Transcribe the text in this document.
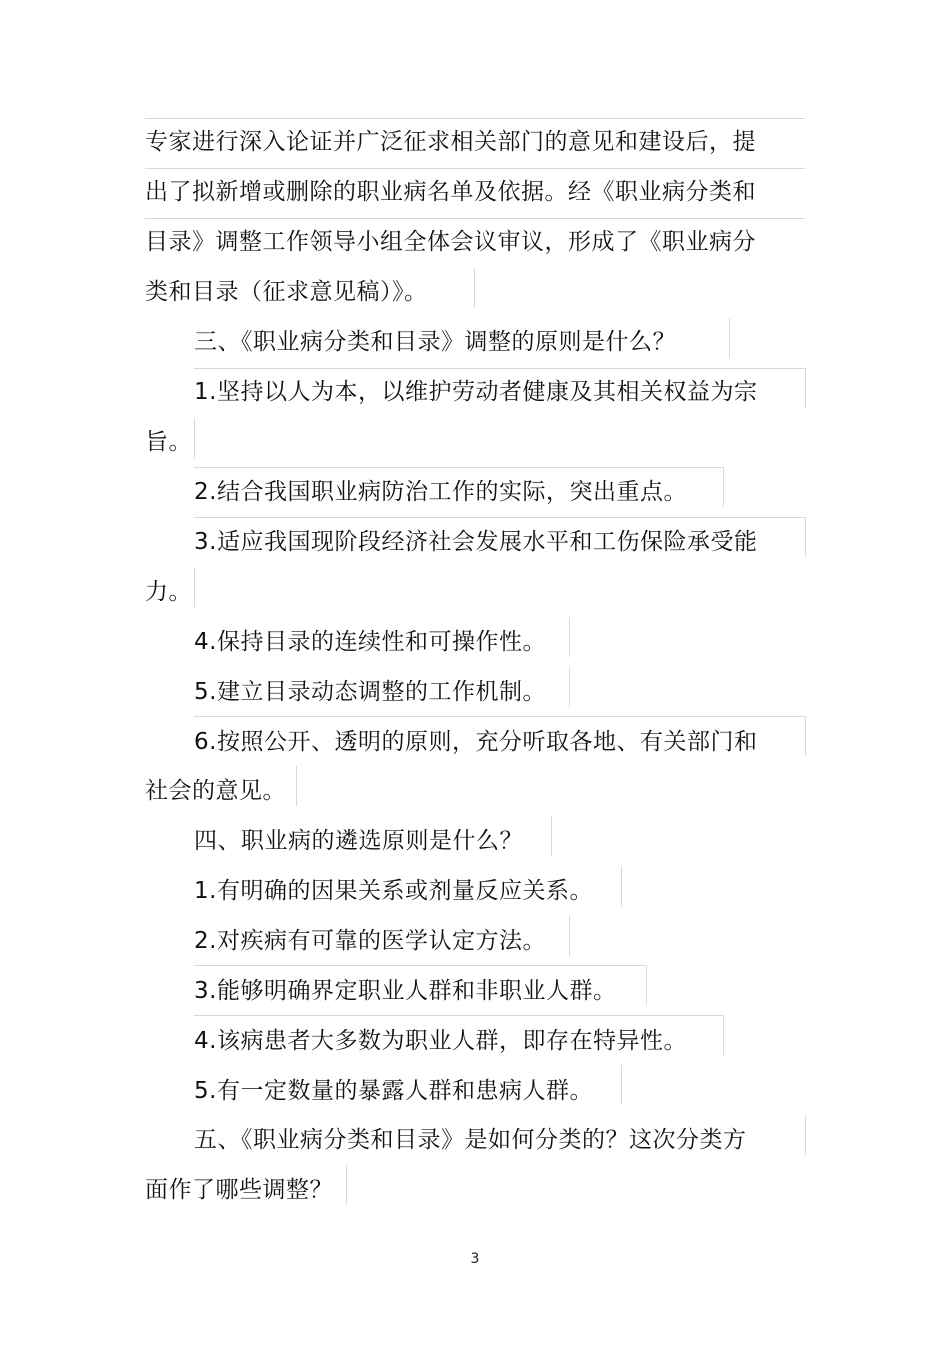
专家进行深入论证并广泛征求相关部门的意见和建设后，提
出了拟新增或删除的职业病名单及依据。经《职业病分类和
目录》调整工作领导小组全体会议审议，形成了《职业病分
类和目录（征求意见稿）》。
三、《职业病分类和目录》调整的原则是什么？
1.坚持以人为本，以维护劳动者健康及其相关权益为宗
旨。
2.结合我国职业病防治工作的实际，突出重点。
3.适应我国现阶段经济社会发展水平和工伤保险承受能
力。
4.保持目录的连续性和可操作性。
5.建立目录动态调整的工作机制。
6.按照公开、透明的原则，充分听取各地、有关部门和
社会的意见。
四、职业病的遴选原则是什么？
1.有明确的因果关系或剂量反应关系。
2.对疾病有可靠的医学认定方法。
3.能够明确界定职业人群和非职业人群。
4.该病患者大多数为职业人群，即存在特异性。
5.有一定数量的暴露人群和患病人群。
五、《职业病分类和目录》是如何分类的？这次分类方
面作了哪些调整？
3
